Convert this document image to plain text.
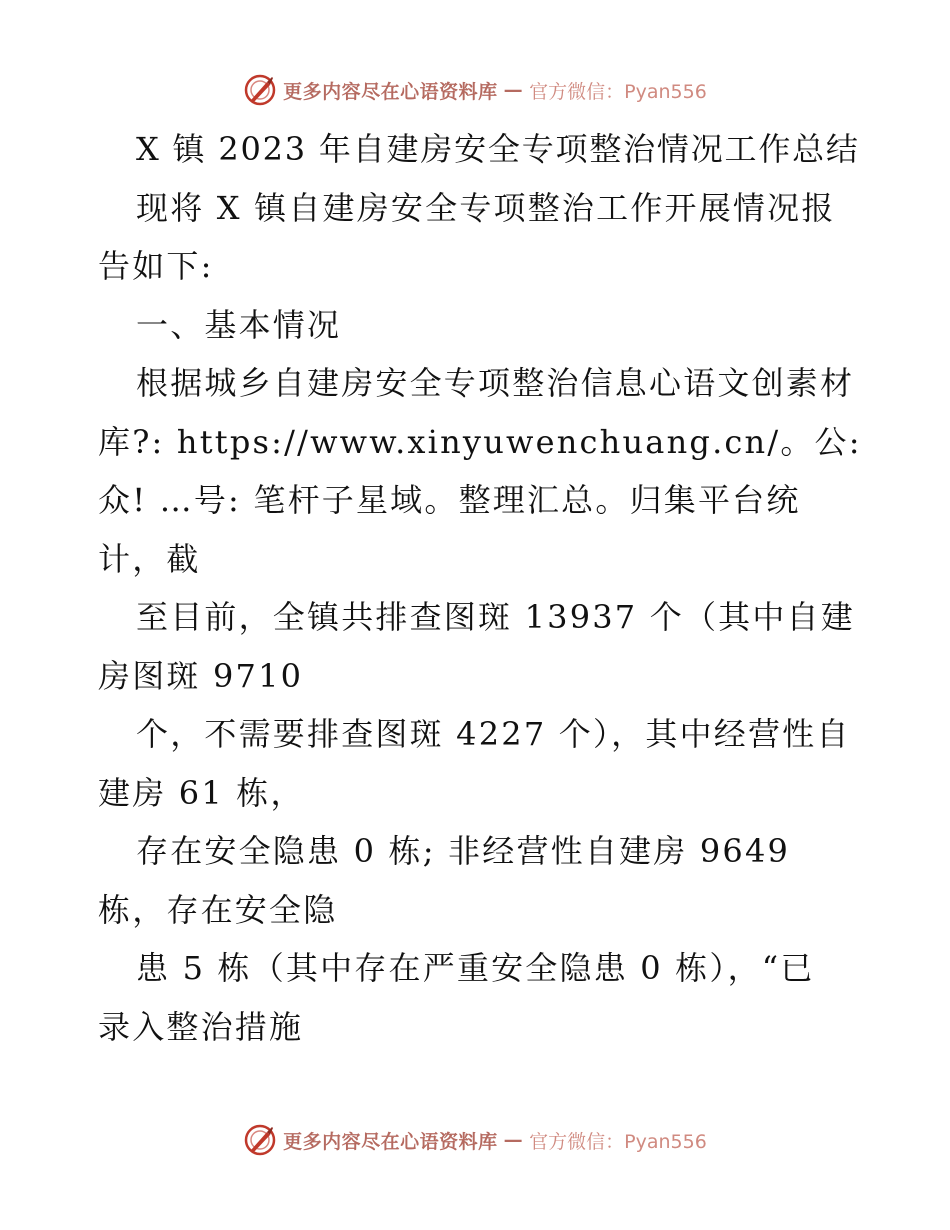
更多内容尽在心语资料库 — 官方微信：Pyan556
X 镇 2023 年自建房安全专项整治情况工作总结
现将 X 镇自建房安全专项整治工作开展情况报
告如下:
一、基本情况
根据城乡自建房安全专项整治信息心语文创素材
库?: https://www.xinyuwenchuang.cn/。公:
众! …号: 笔杆子星域。整理汇总。归集平台统
计，截
至目前，全镇共排查图斑 13937 个（其中自建
房图斑 9710
个，不需要排查图斑 4227 个），其中经营性自
建房 61 栋，
存在安全隐患 0 栋; 非经营性自建房 9649
栋，存在安全隐
患 5 栋（其中存在严重安全隐患 0 栋），“已
录入整治措施
更多内容尽在心语资料库 — 官方微信：Pyan556
